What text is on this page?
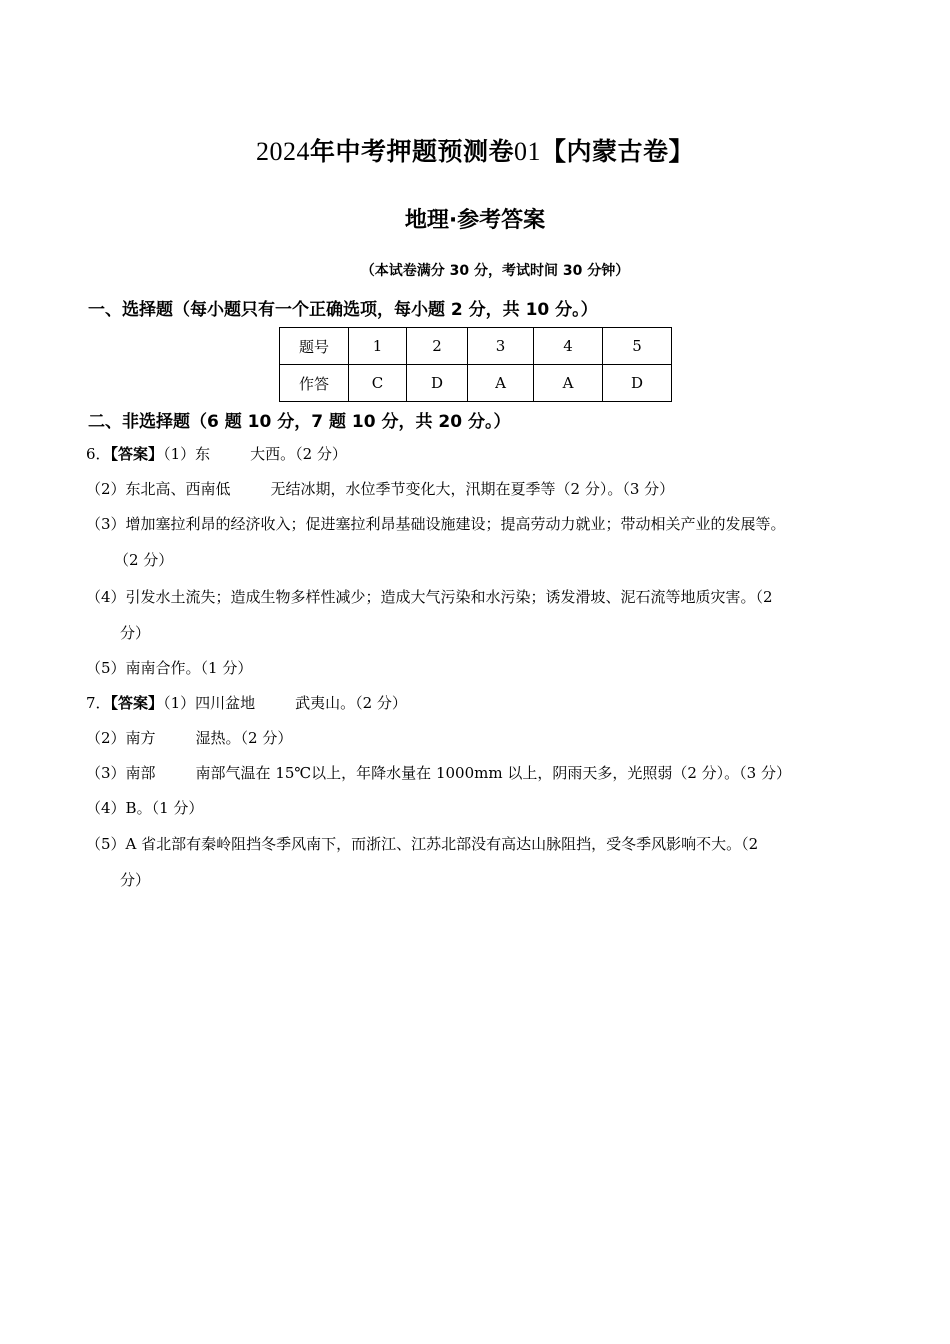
2024年中考押题预测卷01【内蒙古卷】
地理·参考答案
（本试卷满分 30 分，考试时间 30 分钟）
一、选择题（每小题只有一个正确选项，每小题 2 分，共 10 分。）
题号	1	2	3	4	5
作答	C	D	A	A	D
二、非选择题（6 题 10 分，7 题 10 分，共 20 分。）
6．【答案】（1）东	大西。（2 分）
（2）东北高、西南低	无结冰期，水位季节变化大，汛期在夏季等（2 分）。（3 分）
（3）增加塞拉利昂的经济收入；促进塞拉利昂基础设施建设；提高劳动力就业；带动相关产业的发展等。
（2 分）
（4）引发水土流失；造成生物多样性减少；造成大气污染和水污染；诱发滑坡、泥石流等地质灾害。（2
分）
（5）南南合作。（1 分）
7．【答案】（1）四川盆地	武夷山。（2 分）
（2）南方	湿热。（2 分）
（3）南部	南部气温在 15℃以上，年降水量在 1000mm 以上，阴雨天多，光照弱（2 分）。（3 分）
（4）B。（1 分）
（5）A 省北部有秦岭阻挡冬季风南下，而浙江、江苏北部没有高达山脉阻挡，受冬季风影响不大。（2
分）
